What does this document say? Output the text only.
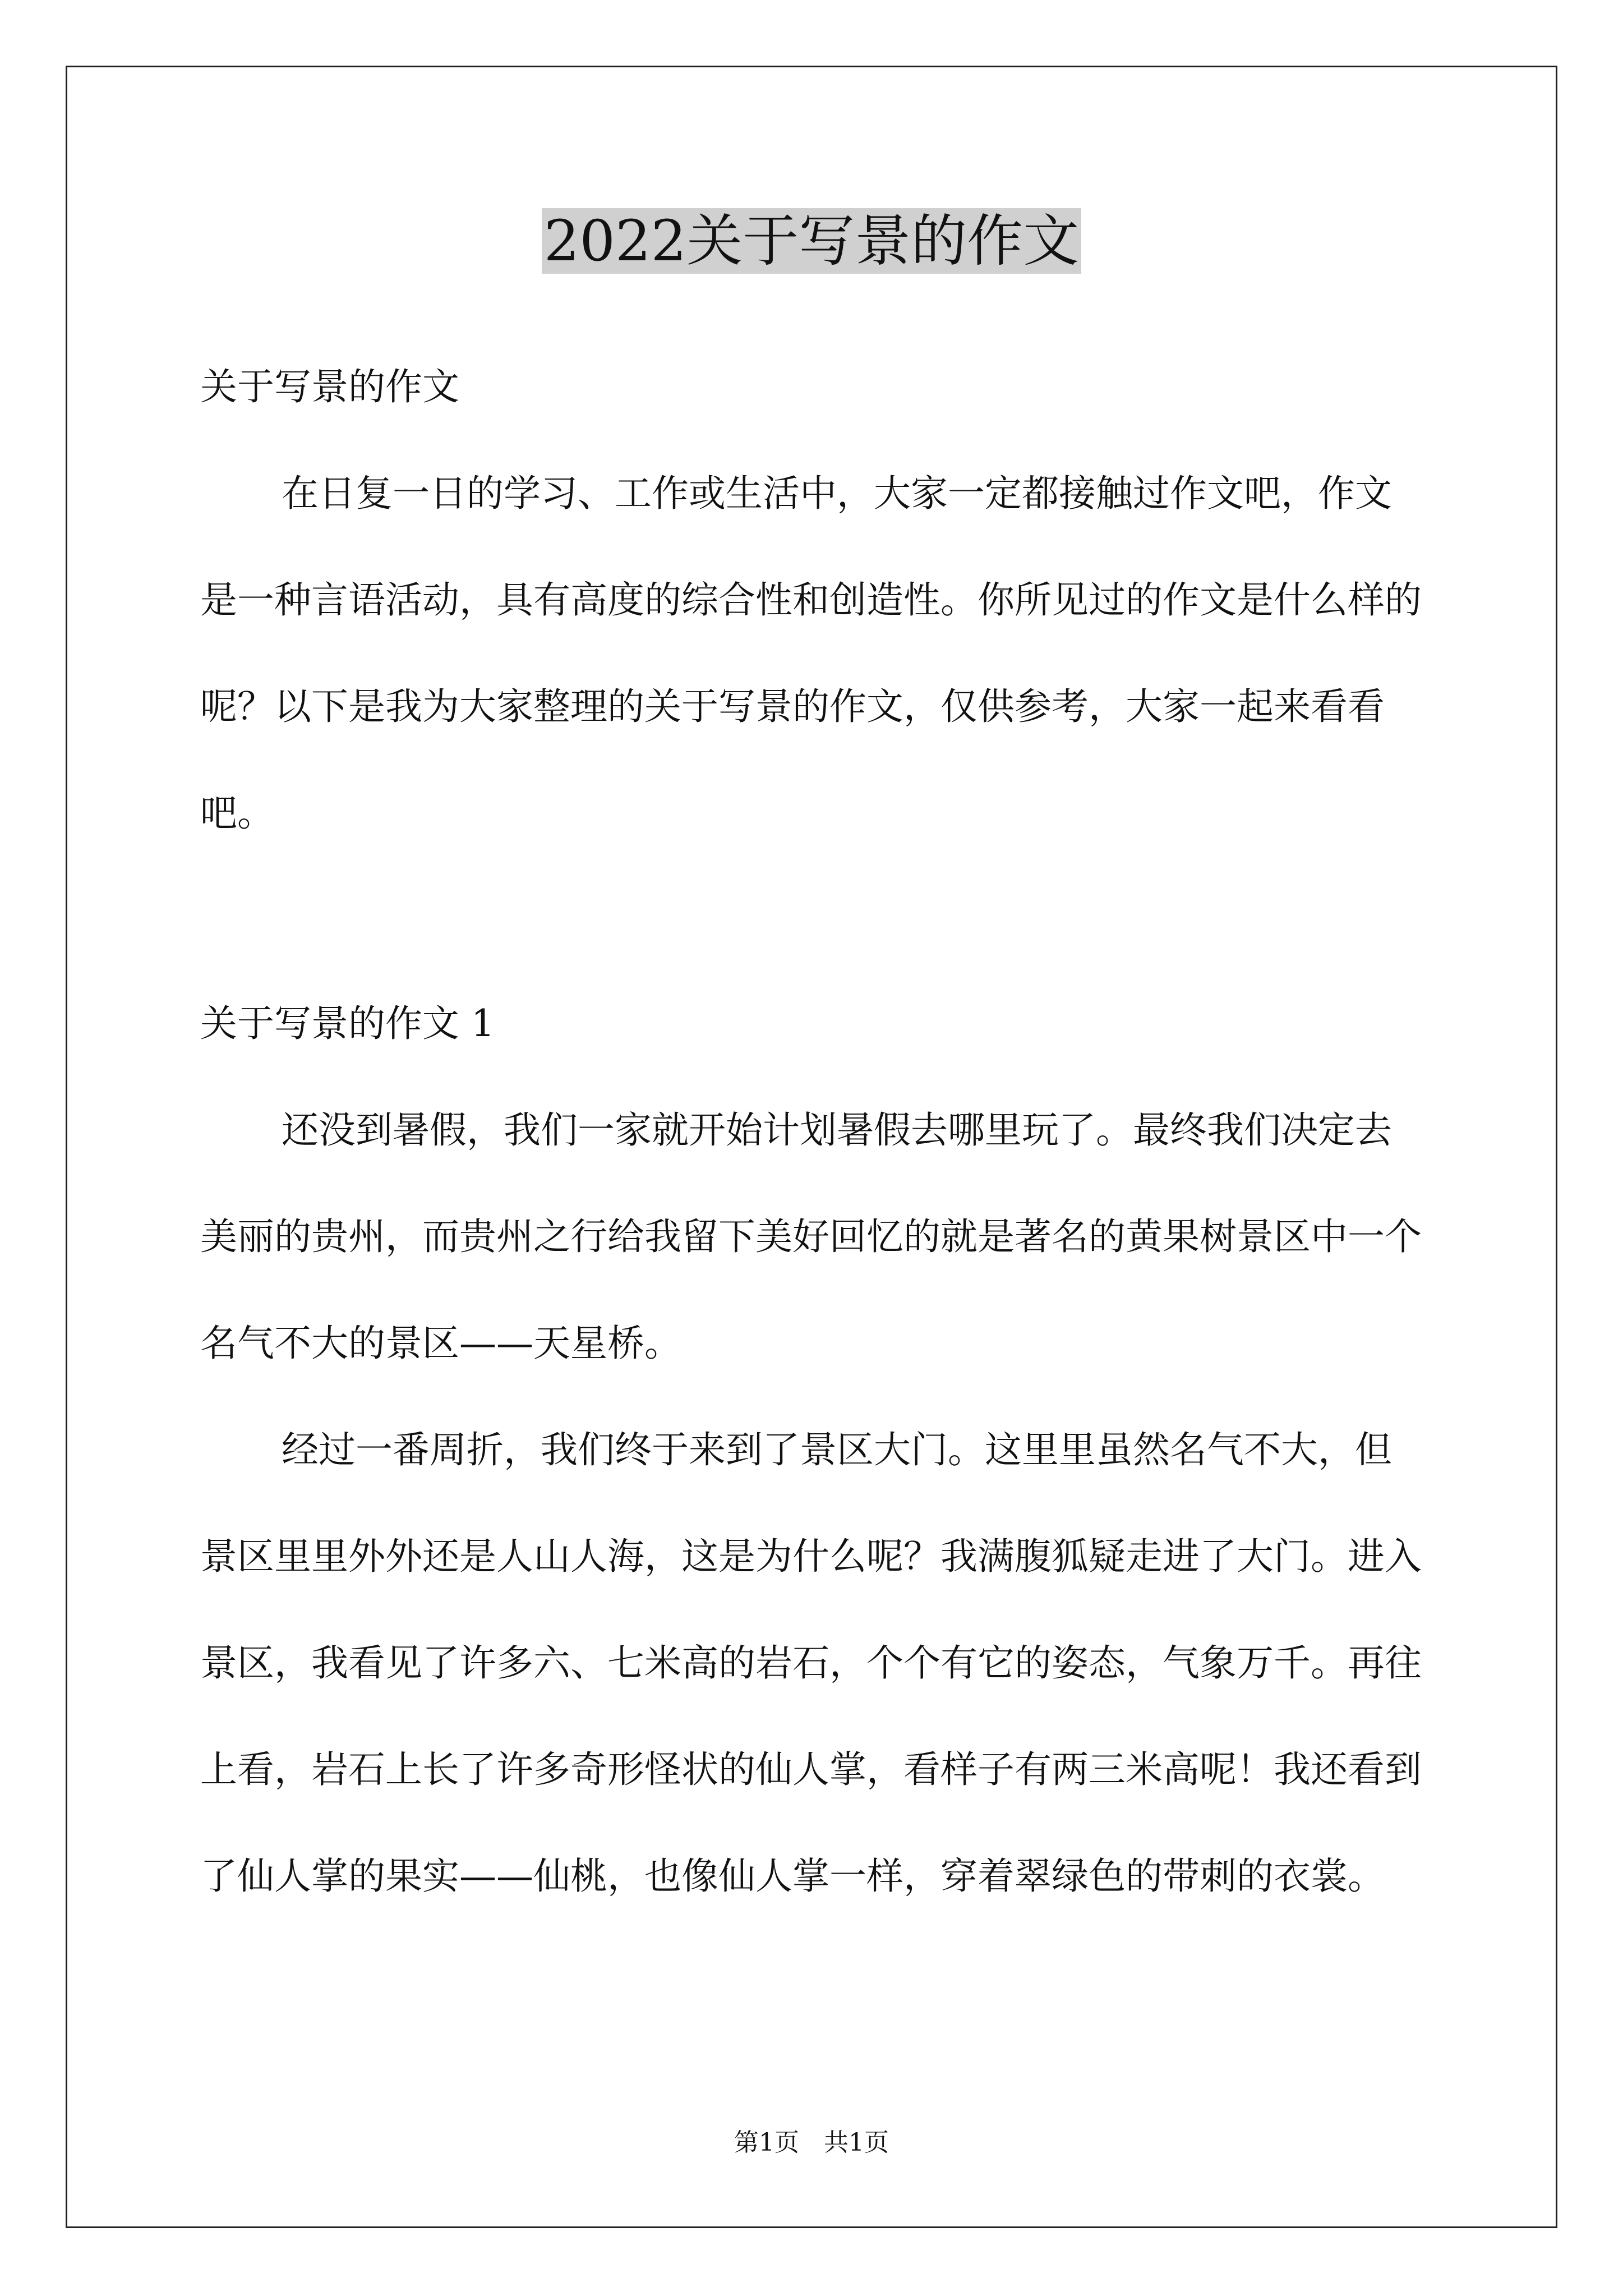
2022关于写景的作文

关于写景的作文

在日复一日的学习、工作或生活中，大家一定都接触过作文吧，作文是一种言语活动，具有高度的综合性和创造性。你所见过的作文是什么样的呢？以下是我为大家整理的关于写景的作文，仅供参考，大家一起来看看吧。

关于写景的作文 1

还没到暑假，我们一家就开始计划暑假去哪里玩了。最终我们决定去美丽的贵州，而贵州之行给我留下美好回忆的就是著名的黄果树景区中一个名气不大的景区——天星桥。

经过一番周折，我们终于来到了景区大门。这里里虽然名气不大，但景区里里外外还是人山人海，这是为什么呢？我满腹狐疑走进了大门。进入景区，我看见了许多六、七米高的岩石，个个有它的姿态，气象万千。再往上看，岩石上长了许多奇形怪状的仙人掌，看样子有两三米高呢！我还看到了仙人掌的果实——仙桃，也像仙人掌一样，穿着翠绿色的带刺的衣裳。

第1页　共1页
